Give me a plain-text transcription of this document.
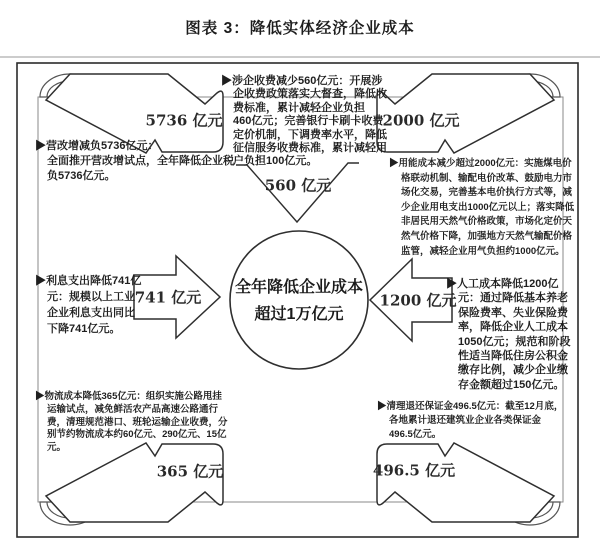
图表 3：降低实体经济企业成本
全年降低企业成本
超过1万亿元
5736 亿元
560 亿元
2000 亿元
741 亿元	1200 亿元
365 亿元	496.5 亿元
▶营改增减负5736亿元：
全面推开营改增试点，全年降低企业税
负5736亿元。
▶涉企收费减少560亿元：开展涉
企收费政策落实大督查，降低收
费标准，累计减轻企业负担
460亿元；完善银行卡刷卡收费
定价机制，下调费率水平，降低
征信服务收费标准，累计减轻用
户负担100亿元。	▶用能成本减少超过2000亿元：实施煤电价
格联动机制、输配电价改革、鼓励电力市
场化交易，完善基本电价执行方式等，减
少企业用电支出1000亿元以上；落实降低
非居民用天然气价格政策，市场化定价天
然气价格下降，加强地方天然气输配价格
监管，减轻企业用气负担约1000亿元。
▶利息支出降低741亿
元：规模以上工业
企业利息支出同比
下降741亿元。
▶人工成本降低1200亿
元：通过降低基本养老
保险费率、失业保险费
率，降低企业人工成本
1050亿元；规范和阶段
性适当降低住房公积金
缴存比例，减少企业缴
存金额超过150亿元。
▶物流成本降低365亿元：组织实施公路甩挂
运输试点，减免鲜活农产品高速公路通行
费，清理规范港口、班轮运输企业收费，分
别节约物流成本约60亿元、290亿元、15亿
元。
▶清理退还保证金496.5亿元：截至12月底，
各地累计退还建筑业企业各类保证金
496.5亿元。
